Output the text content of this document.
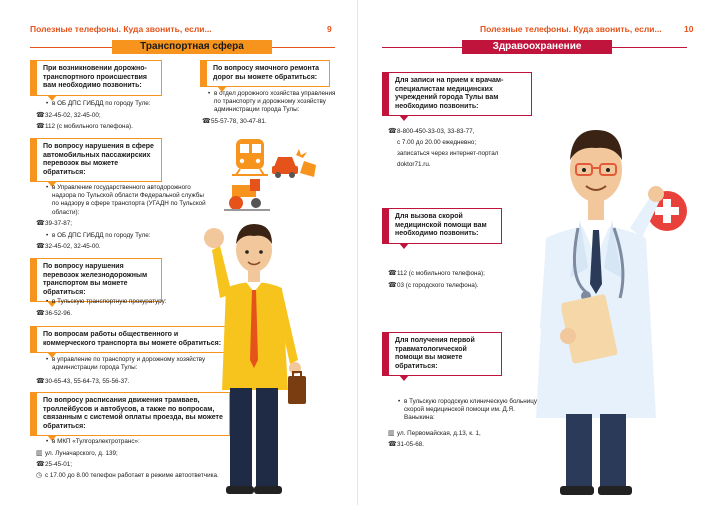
Полезные телефоны. Куда звонить, если...	9
Транспортная сфера
При возникновении дорожно-транспортного происшествия вам необходимо позвонить:
• в ОБ ДПС ГИБДД по городу Туле:
☎32-45-02, 32-45-00;
☎112 (с мобильного телефона).
По вопросу ямочного ремонта дорог вы можете обратиться:
• в отдел дорожного хозяйства управления по транспорту и дорожному хозяйству администрации города Тулы:
☎55-57-78, 30-47-81.
По вопросу нарушения в сфере автомобильных пассажирских перевозок вы можете обратиться:
• в Управление государственного автодорожного надзора по Тульской области Федеральной службы по надзору в сфере транспорта (УГАДН по Тульской области):
☎39-37-87;
• в ОБ ДПС ГИБДД по городу Туле:
☎32-45-02, 32-45-00.
По вопросу нарушения перевозок железнодорожным транспортом вы можете обратиться:
• в Тульскую транспортную прокуратуру:
☎36-52-96.
По вопросам работы общественного и коммерческого транспорта вы можете обратиться:
• в управление по транспорту и дорожному хозяйству администрации города Тулы:
☎30-65-43, 55-64-73, 55-56-37.
По вопросу расписания движения трамваев, троллейбусов и автобусов, а также по вопросам, связанным с системой оплаты проезда, вы можете обратиться:
• в МКП «Тулгорэлектротранс»:
▥ ул. Луначарского, д. 139;
☎25-45-01;
◷ с 17.00 до 8.00 телефон работает в режиме автоответчика.
Полезные телефоны. Куда звонить, если...	10
Здравоохранение
Для записи на прием к врачам-специалистам медицинских учреждений города Тулы вам необходимо позвонить:
☎8-800-450-33-03, 33-83-77,
с 7.00 до 20.00 ежедневно;
записаться через интернет-портал
doktor71.ru.
Для вызова скорой медицинской помощи вам необходимо позвонить:
☎112 (с мобильного телефона);
☎03 (с городского телефона).
Для получения первой травматологической помощи вы можете обратиться:
• в Тульскую городскую клиническую больницу скорой медицинской помощи им. Д.Я. Ваныкина:
▥ ул. Первомайская, д.13, к. 1,
☎31-05-68.
